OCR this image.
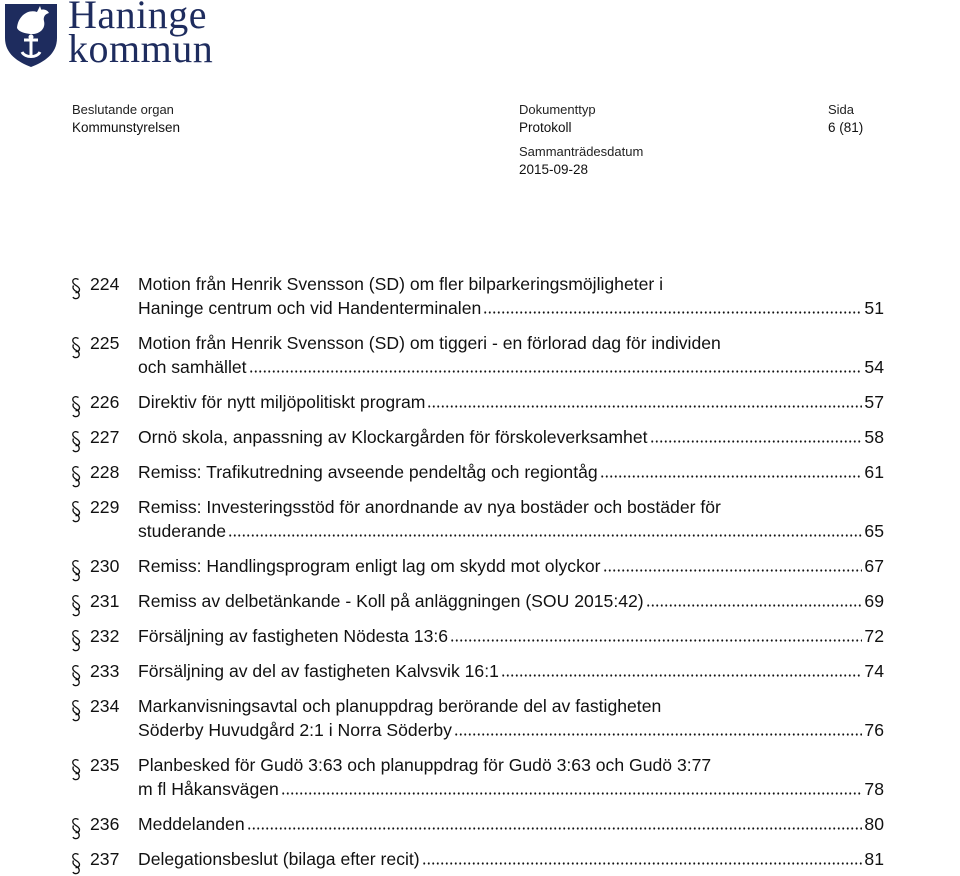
Haninge
kommun
Beslutande organ
Kommunstyrelsen
Dokumenttyp
Protokoll
Sida
6 (81)
Sammanträdesdatum
2015-09-28
224	Motion från Henrik Svensson (SD) om fler bilparkeringsmöjligheter i
Haninge centrum och vid Handenterminalen	51
225	Motion från Henrik Svensson (SD) om tiggeri - en förlorad dag för individen
och samhället	54
226	Direktiv för nytt miljöpolitiskt program	57
227	Ornö skola, anpassning av Klockargården för förskoleverksamhet	58
228	Remiss: Trafikutredning avseende pendeltåg och regiontåg	61
229	Remiss: Investeringsstöd för anordnande av nya bostäder och bostäder för
studerande	65
230	Remiss: Handlingsprogram enligt lag om skydd mot olyckor	67
231	Remiss av delbetänkande - Koll på anläggningen (SOU 2015:42)	69
232	Försäljning av fastigheten Nödesta 13:6	72
233	Försäljning av del av fastigheten Kalvsvik 16:1	74
234	Markanvisningsavtal och planuppdrag berörande del av fastigheten
Söderby Huvudgård 2:1 i Norra Söderby	76
235	Planbesked för Gudö 3:63 och planuppdrag för Gudö 3:63 och Gudö 3:77
m fl Håkansvägen	78
236	Meddelanden	80
237	Delegationsbeslut (bilaga efter recit)	81
